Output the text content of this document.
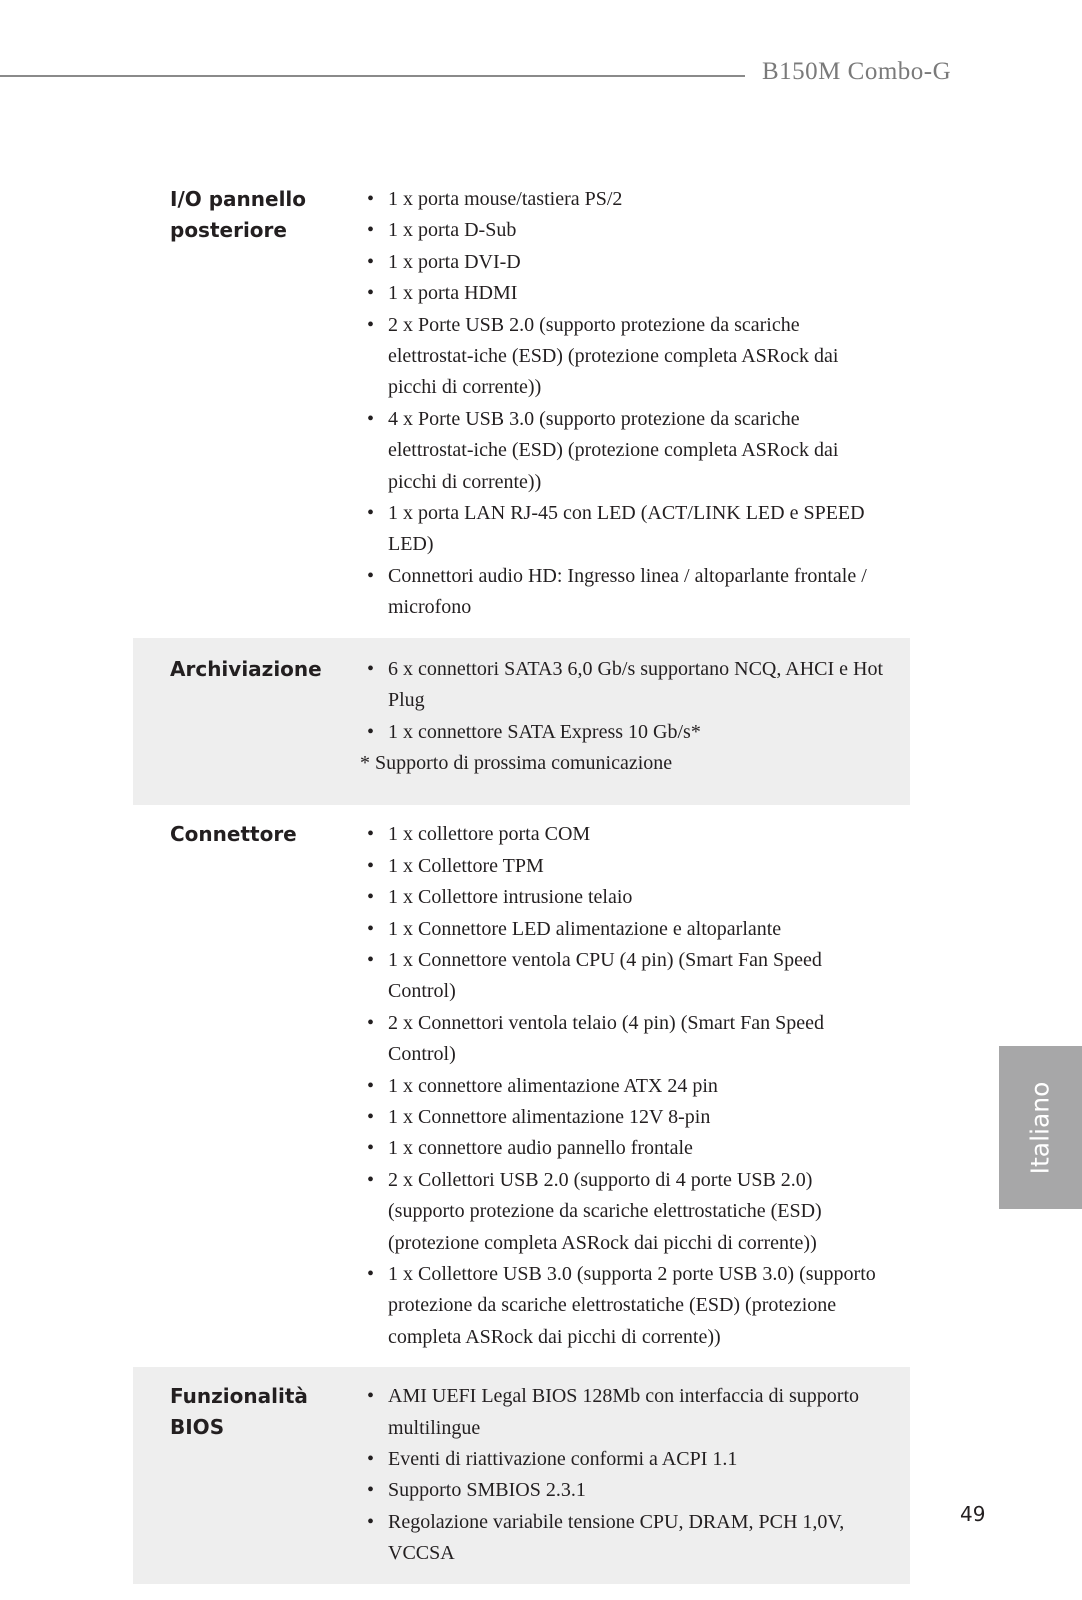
B150M Combo-G
I/O pannello posteriore
• 1 x porta mouse/tastiera PS/2
• 1 x porta D-Sub
• 1 x porta DVI-D
• 1 x porta HDMI
• 2 x Porte USB 2.0 (supporto protezione da scariche elettrostat-iche (ESD) (protezione completa ASRock dai picchi di corrente))
• 4 x Porte USB 3.0 (supporto protezione da scariche elettrostat-iche (ESD) (protezione completa ASRock dai picchi di corrente))
• 1 x porta LAN RJ-45 con LED (ACT/LINK LED e SPEED LED)
• Connettori audio HD: Ingresso linea / altoparlante frontale / microfono
Archiviazione	• 6 x connettori SATA3 6,0 Gb/s supportano NCQ, AHCI e Hot Plug
• 1 x connettore SATA Express 10 Gb/s*
* Supporto di prossima comunicazione
Connettore	• 1 x collettore porta COM
• 1 x Collettore TPM
• 1 x Collettore intrusione telaio
• 1 x Connettore LED alimentazione e altoparlante
• 1 x Connettore ventola CPU (4 pin) (Smart Fan Speed Control)
• 2 x Connettori ventola telaio (4 pin) (Smart Fan Speed Control)
• 1 x connettore alimentazione ATX 24 pin
• 1 x Connettore alimentazione 12V 8-pin
• 1 x connettore audio pannello frontale
• 2 x Collettori USB 2.0 (supporto di 4 porte USB 2.0) (supporto protezione da scariche elettrostatiche (ESD) (protezione completa ASRock dai picchi di corrente))
• 1 x Collettore USB 3.0 (supporta 2 porte USB 3.0) (supporto protezione da scariche elettrostatiche (ESD) (protezione completa ASRock dai picchi di corrente))
Funzionalità BIOS
• AMI UEFI Legal BIOS 128Mb con interfaccia di supporto multilingue
• Eventi di riattivazione conformi a ACPI 1.1
• Supporto SMBIOS 2.3.1
• Regolazione variabile tensione CPU, DRAM, PCH 1,0V, VCCSA
Italiano
49
